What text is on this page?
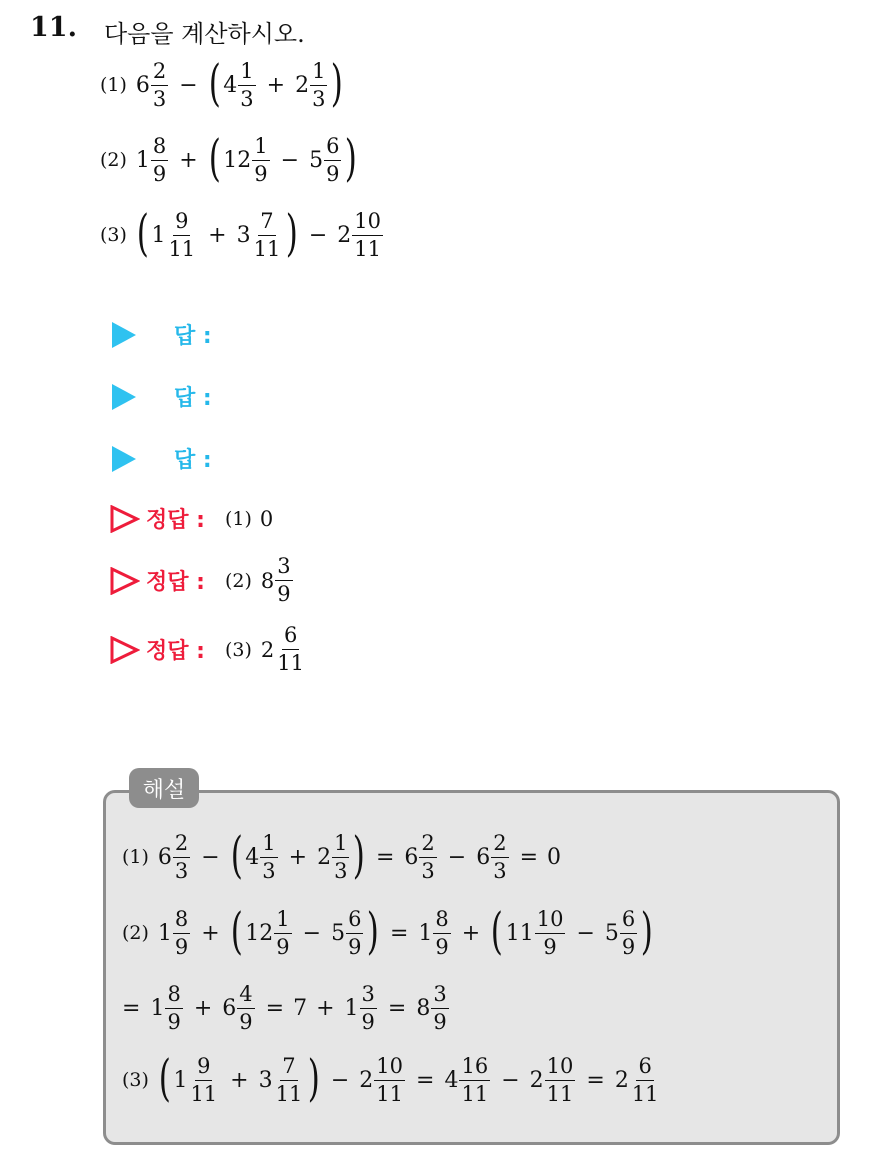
11. 다음을 계산하시오.
(1) $6 \frac{2}{3}$ − ( $4 \frac{1}{3} + 2 \frac{1}{3}$ )
(2) $1 \frac{8}{9}$ + ( $12 \frac{1}{9} - 5 \frac{6}{9}$ )
(3) ( $1 \frac{9}{11} + 3 \frac{7}{11}$ ) − $2 \frac{10}{11}$
답 :
답 :
답 :
정답 : (1) 0
정답 : (2) $8 \frac{3}{9}$
정답 : (3) $2 \frac{6}{11}$
해설
(1) $6 \frac{2}{3}$ − ( $4 \frac{1}{3} + 2 \frac{1}{3}$ ) = $6 \frac{2}{3} - 6 \frac{2}{3} = 0$
(2) $1 \frac{8}{9}$ + ( $12 \frac{1}{9} - 5 \frac{6}{9}$ ) = $1 \frac{8}{9}$ + ( $11 \frac{10}{9} - 5 \frac{6}{9}$ )
= $1 \frac{8}{9} + 6 \frac{4}{9} = 7 + 1 \frac{3}{9} = 8 \frac{3}{9}$
(3) ( $1 \frac{9}{11} + 3 \frac{7}{11}$ ) − $2 \frac{10}{11} = 4 \frac{16}{11} - 2 \frac{10}{11} = 2 \frac{6}{11}$
